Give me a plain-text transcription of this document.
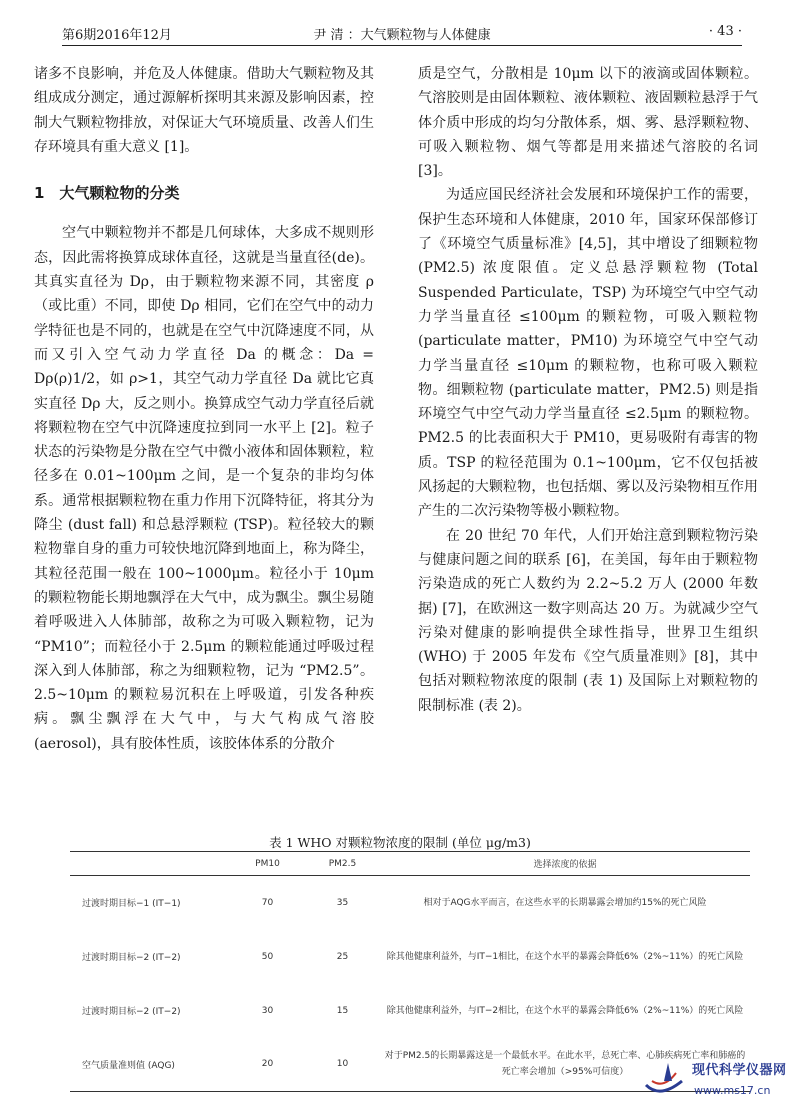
第6期2016年12月	尹 清 ：大气颗粒物与人体健康	· 43 ·

诸多不良影响，并危及人体健康。借助大气颗粒物及其组成成分测定，通过源解析探明其来源及影响因素，控制大气颗粒物排放，对保证大气环境质量、改善人们生存环境具有重大意义 [1]。

1　大气颗粒物的分类

空气中颗粒物并不都是几何球体，大多成不规则形态，因此需将换算成球体直径，这就是当量直径(de)。其真实直径为 Dρ，由于颗粒物来源不同，其密度 ρ（或比重）不同，即使 Dρ 相同，它们在空气中的动力学特征也是不同的，也就是在空气中沉降速度不同，从而又引入空气动力学直径 Da 的概念：Da = Dρ(ρ)1/2，如 ρ>1，其空气动力学直径 Da 就比它真实直径 Dρ 大，反之则小。换算成空气动力学直径后就将颗粒物在空气中沉降速度拉到同一水平上 [2]。粒子状态的污染物是分散在空气中微小液体和固体颗粒，粒径多在 0.01~100μm 之间，是一个复杂的非均匀体系。通常根据颗粒物在重力作用下沉降特征，将其分为降尘 (dust fall) 和总悬浮颗粒 (TSP)。粒径较大的颗粒物靠自身的重力可较快地沉降到地面上，称为降尘，其粒径范围一般在 100~1000μm。粒径小于 10μm 的颗粒物能长期地飘浮在大气中，成为飘尘。飘尘易随着呼吸进入人体肺部，故称之为可吸入颗粒物，记为 “PM10”；而粒径小于 2.5μm 的颗粒能通过呼吸过程深入到人体肺部，称之为细颗粒物，记为 “PM2.5”。2.5~10μm 的颗粒易沉积在上呼吸道，引发各种疾病。飘尘飘浮在大气中，与大气构成气溶胶 (aerosol)，具有胶体性质，该胶体体系的分散介

质是空气，分散相是 10μm 以下的液滴或固体颗粒。气溶胶则是由固体颗粒、液体颗粒、液固颗粒悬浮于气体介质中形成的均匀分散体系，烟、雾、悬浮颗粒物、可吸入颗粒物、烟气等都是用来描述气溶胶的名词 [3]。

为适应国民经济社会发展和环境保护工作的需要，保护生态环境和人体健康，2010 年，国家环保部修订了《环境空气质量标准》[4,5]，其中增设了细颗粒物 (PM2.5) 浓度限值。定义总悬浮颗粒物 (Total Suspended Particulate，TSP) 为环境空气中空气动力学当量直径 ≤100μm 的颗粒物，可吸入颗粒物 (particulate matter，PM10) 为环境空气中空气动力学当量直径 ≤10μm 的颗粒物，也称可吸入颗粒物。细颗粒物 (particulate matter，PM2.5) 则是指环境空气中空气动力学当量直径 ≤2.5μm 的颗粒物。PM2.5 的比表面积大于 PM10，更易吸附有毒害的物质。TSP 的粒径范围为 0.1~100μm，它不仅包括被风扬起的大颗粒物，也包括烟、雾以及污染物相互作用产生的二次污染物等极小颗粒物。

在 20 世纪 70 年代，人们开始注意到颗粒物污染与健康问题之间的联系 [6]，在美国，每年由于颗粒物污染造成的死亡人数约为 2.2~5.2 万人 (2000 年数据) [7]，在欧洲这一数字则高达 20 万。为就减少空气污染对健康的影响提供全球性指导，世界卫生组织 (WHO) 于 2005 年发布《空气质量准则》[8]，其中包括对颗粒物浓度的限制 (表 1) 及国际上对颗粒物的限制标准 (表 2)。

表 1 WHO 对颗粒物浓度的限制 (单位 μg/m3)
	PM10	PM2.5	选择浓度的依据
过渡时期目标−1 (IT−1)	70	35	相对于AQG水平而言，在这些水平的长期暴露会增加约15%的死亡风险
过渡时期目标−2 (IT−2)	50	25	除其他健康利益外，与IT−1相比，在这个水平的暴露会降低6%（2%~11%）的死亡风险
过渡时期目标−2 (IT−2)	30	15	除其他健康利益外，与IT−2相比，在这个水平的暴露会降低6%（2%~11%）的死亡风险
空气质量准则值 (AQG)	20	10	对于PM2.5的长期暴露这是一个最低水平。在此水平，总死亡率、心肺疾病死亡率和肺癌的死亡率会增加（>95%可信度）	现代科学仪器网
www.ms17.cn
